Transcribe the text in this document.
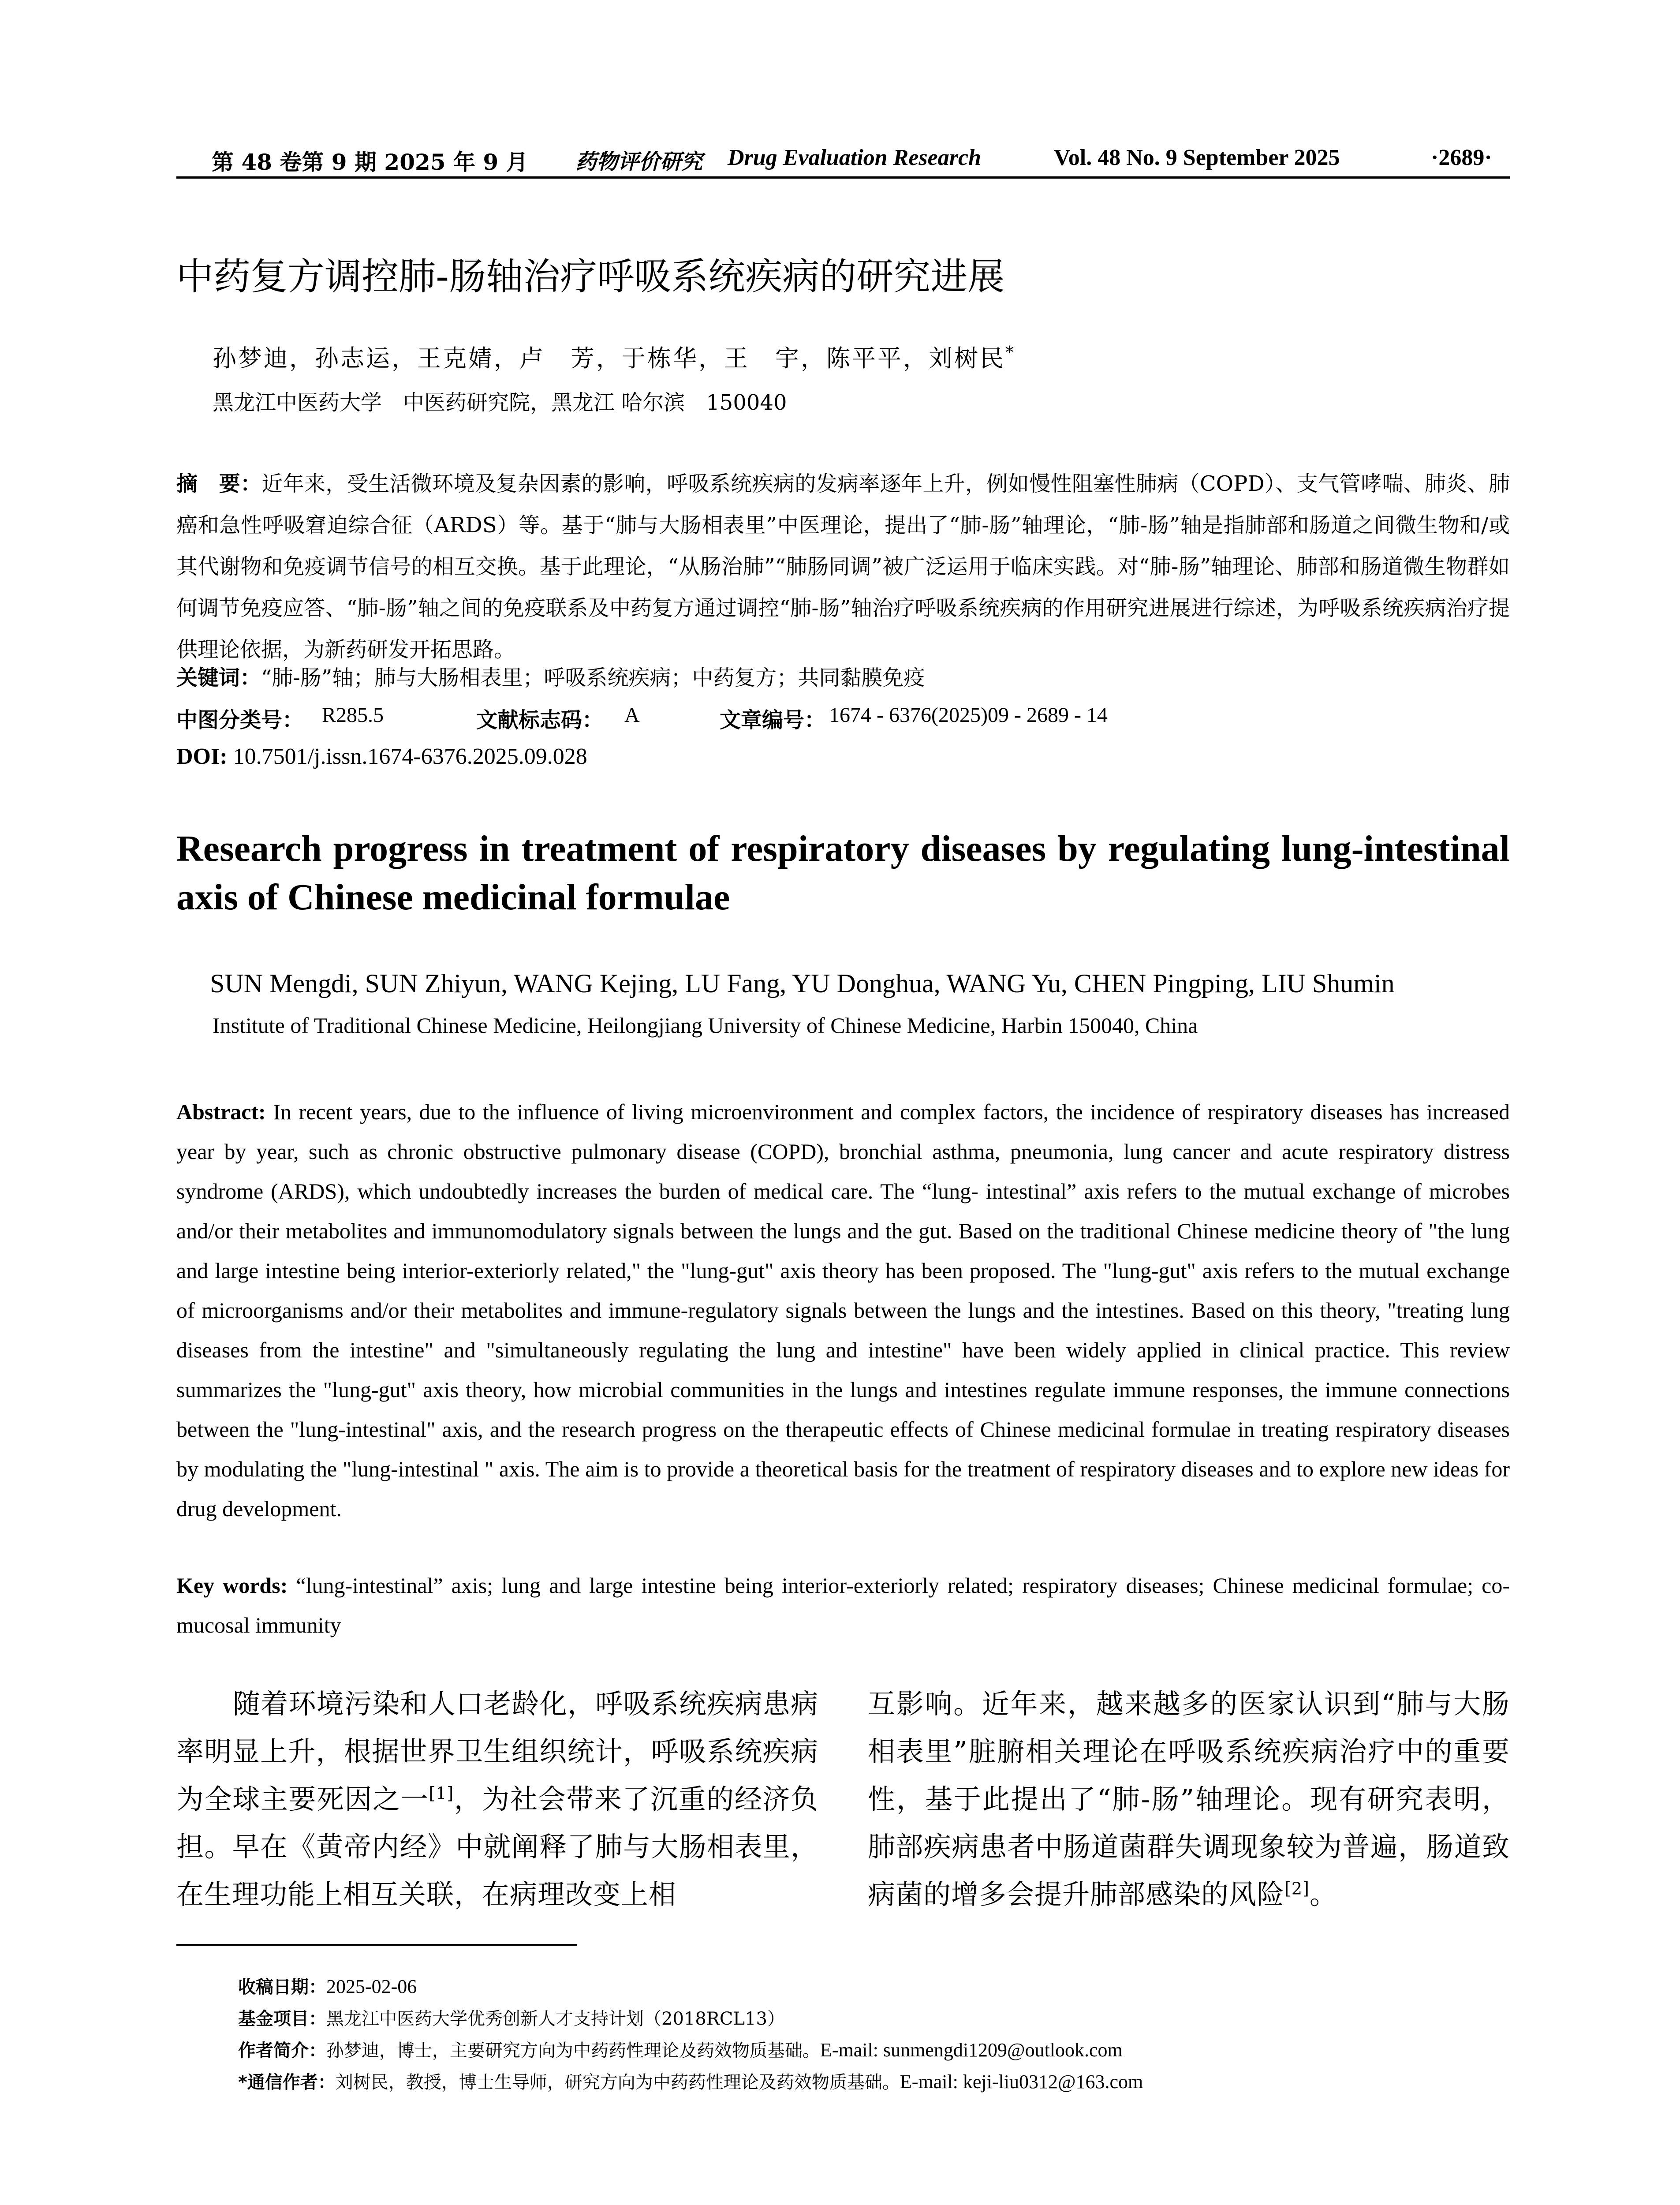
第 48 卷第 9 期 2025 年 9 月 药物评价研究 Drug Evaluation Research	Vol. 48 No. 9 September 2025	·2689·
中药复方调控肺-肠轴治疗呼吸系统疾病的研究进展
孙梦迪，孙志运，王克婧，卢　芳，于栋华，王　宇，陈平平，刘树民*
黑龙江中医药大学　中医药研究院，黑龙江 哈尔滨　150040
摘　要：近年来，受生活微环境及复杂因素的影响，呼吸系统疾病的发病率逐年上升，例如慢性阻塞性肺病（COPD）、支气管哮喘、肺炎、肺癌和急性呼吸窘迫综合征（ARDS）等。基于“肺与大肠相表里”中医理论，提出了“肺-肠”轴理论，“肺-肠”轴是指肺部和肠道之间微生物和/或其代谢物和免疫调节信号的相互交换。基于此理论，“从肠治肺”“肺肠同调”被广泛运用于临床实践。对“肺-肠”轴理论、肺部和肠道微生物群如何调节免疫应答、“肺-肠”轴之间的免疫联系及中药复方通过调控“肺-肠”轴治疗呼吸系统疾病的作用研究进展进行综述，为呼吸系统疾病治疗提供理论依据，为新药研发开拓思路。
关键词：“肺-肠”轴；肺与大肠相表里；呼吸系统疾病；中药复方；共同黏膜免疫
中图分类号： R285.5	文献标志码： A	文章编号： 1674 - 6376(2025)09 - 2689 - 14
DOI: 10.7501/j.issn.1674-6376.2025.09.028
Research progress in treatment of respiratory diseases by regulating lung-intestinal axis of Chinese medicinal formulae
SUN Mengdi, SUN Zhiyun, WANG Kejing, LU Fang, YU Donghua, WANG Yu, CHEN Pingping, LIU Shumin
Institute of Traditional Chinese Medicine, Heilongjiang University of Chinese Medicine, Harbin 150040, China
Abstract: In recent years, due to the influence of living microenvironment and complex factors, the incidence of respiratory diseases has increased year by year, such as chronic obstructive pulmonary disease (COPD), bronchial asthma, pneumonia, lung cancer and acute respiratory distress syndrome (ARDS), which undoubtedly increases the burden of medical care. The “lung- intestinal” axis refers to the mutual exchange of microbes and/or their metabolites and immunomodulatory signals between the lungs and the gut. Based on the traditional Chinese medicine theory of "the lung and large intestine being interior-exteriorly related," the "lung-gut" axis theory has been proposed. The "lung-gut" axis refers to the mutual exchange of microorganisms and/or their metabolites and immune-regulatory signals between the lungs and the intestines. Based on this theory, "treating lung diseases from the intestine" and "simultaneously regulating the lung and intestine" have been widely applied in clinical practice. This review summarizes the "lung-gut" axis theory, how microbial communities in the lungs and intestines regulate immune responses, the immune connections between the "lung-intestinal" axis, and the research progress on the therapeutic effects of Chinese medicinal formulae in treating respiratory diseases by modulating the "lung-intestinal " axis. The aim is to provide a theoretical basis for the treatment of respiratory diseases and to explore new ideas for drug development.
Key words: “lung-intestinal” axis; lung and large intestine being interior-exteriorly related; respiratory diseases; Chinese medicinal formulae; co-mucosal immunity
随着环境污染和人口老龄化，呼吸系统疾病患病率明显上升，根据世界卫生组织统计，呼吸系统疾病为全球主要死因之一[1]，为社会带来了沉重的经济负担。早在《黄帝内经》中就阐释了肺与大肠相表里，在生理功能上相互关联，在病理改变上相
互影响。近年来，越来越多的医家认识到“肺与大肠相表里”脏腑相关理论在呼吸系统疾病治疗中的重要性，基于此提出了“肺-肠”轴理论。现有研究表明，肺部疾病患者中肠道菌群失调现象较为普遍，肠道致病菌的增多会提升肺部感染的风险[2]。
收稿日期：2025-02-06
基金项目：黑龙江中医药大学优秀创新人才支持计划（2018RCL13）
作者简介：孙梦迪，博士，主要研究方向为中药药性理论及药效物质基础。E-mail: sunmengdi1209@outlook.com
*通信作者：刘树民，教授，博士生导师，研究方向为中药药性理论及药效物质基础。E-mail: keji-liu0312@163.com
